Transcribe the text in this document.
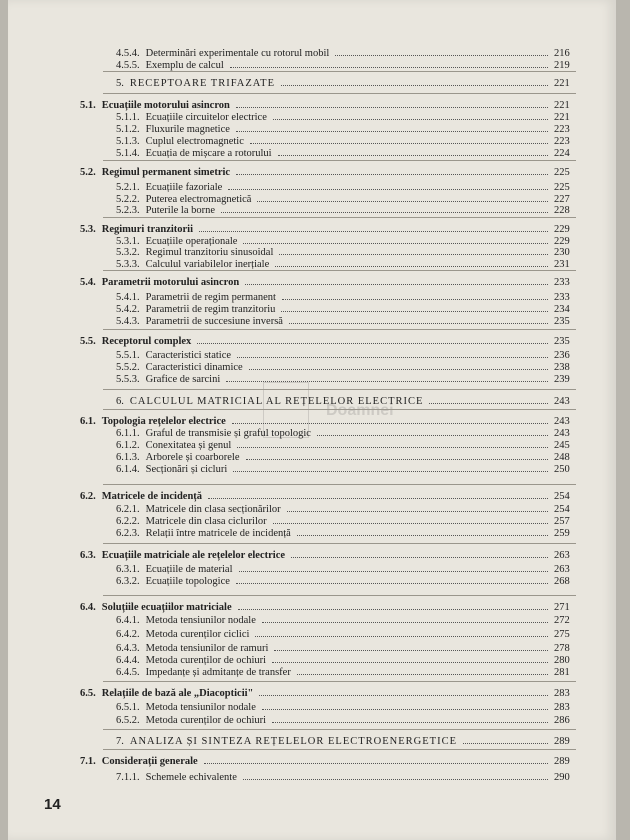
Doamnei
4.5.4. Determinări experimentale cu rotorul mobil	216
4.5.5. Exemplu de calcul	219
5. RECEPTOARE TRIFAZATE	221
5.1. Ecuațiile motorului asincron	221
5.1.1. Ecuațiile circuitelor electrice	221
5.1.2. Fluxurile magnetice	223
5.1.3. Cuplul electromagnetic	223
5.1.4. Ecuația de mișcare a rotorului	224
5.2. Regimul permanent simetric	225
5.2.1. Ecuațiile fazoriale	225
5.2.2. Puterea electromagnetică	227
5.2.3. Puterile la borne	228
5.3. Regimuri tranzitorii	229
5.3.1. Ecuațiile operaționale	229
5.3.2. Regimul tranzitoriu sinusoidal	230
5.3.3. Calculul variabilelor inerțiale	231
5.4. Parametrii motorului asincron	233
5.4.1. Parametrii de regim permanent	233
5.4.2. Parametrii de regim tranzitoriu	234
5.4.3. Parametrii de succesiune inversă	235
5.5. Receptorul complex	235
5.5.1. Caracteristici statice	236
5.5.2. Caracteristici dinamice	238
5.5.3. Grafice de sarcini	239
6. CALCULUL MATRICIAL AL REȚELELOR ELECTRICE	243
6.1. Topologia rețelelor electrice	243
6.1.1. Graful de transmisie și graful topologic	243
6.1.2. Conexitatea și genul	245
6.1.3. Arborele și coarborele	248
6.1.4. Secționări și cicluri	250
6.2. Matricele de incidență	254
6.2.1. Matricele din clasa secționărilor	254
6.2.2. Matricele din clasa ciclurilor	257
6.2.3. Relații între matricele de incidență	259
6.3. Ecuațiile matriciale ale rețelelor electrice	263
6.3.1. Ecuațiile de material	263
6.3.2. Ecuațiile topologice	268
6.4. Soluțiile ecuațiilor matriciale	271
6.4.1. Metoda tensiunilor nodale	272
6.4.2. Metoda curenților ciclici	275
6.4.3. Metoda tensiunilor de ramuri	278
6.4.4. Metoda curenților de ochiuri	280
6.4.5. Impedanțe și admitanțe de transfer	281
6.5. Relațiile de bază ale „Diacopticii"	283
6.5.1. Metoda tensiunilor nodale	283
6.5.2. Metoda curenților de ochiuri	286
7. ANALIZA ȘI SINTEZA REȚELELOR ELECTROENERGETICE	289
7.1. Considerații generale	289
7.1.1. Schemele echivalente	290
14
